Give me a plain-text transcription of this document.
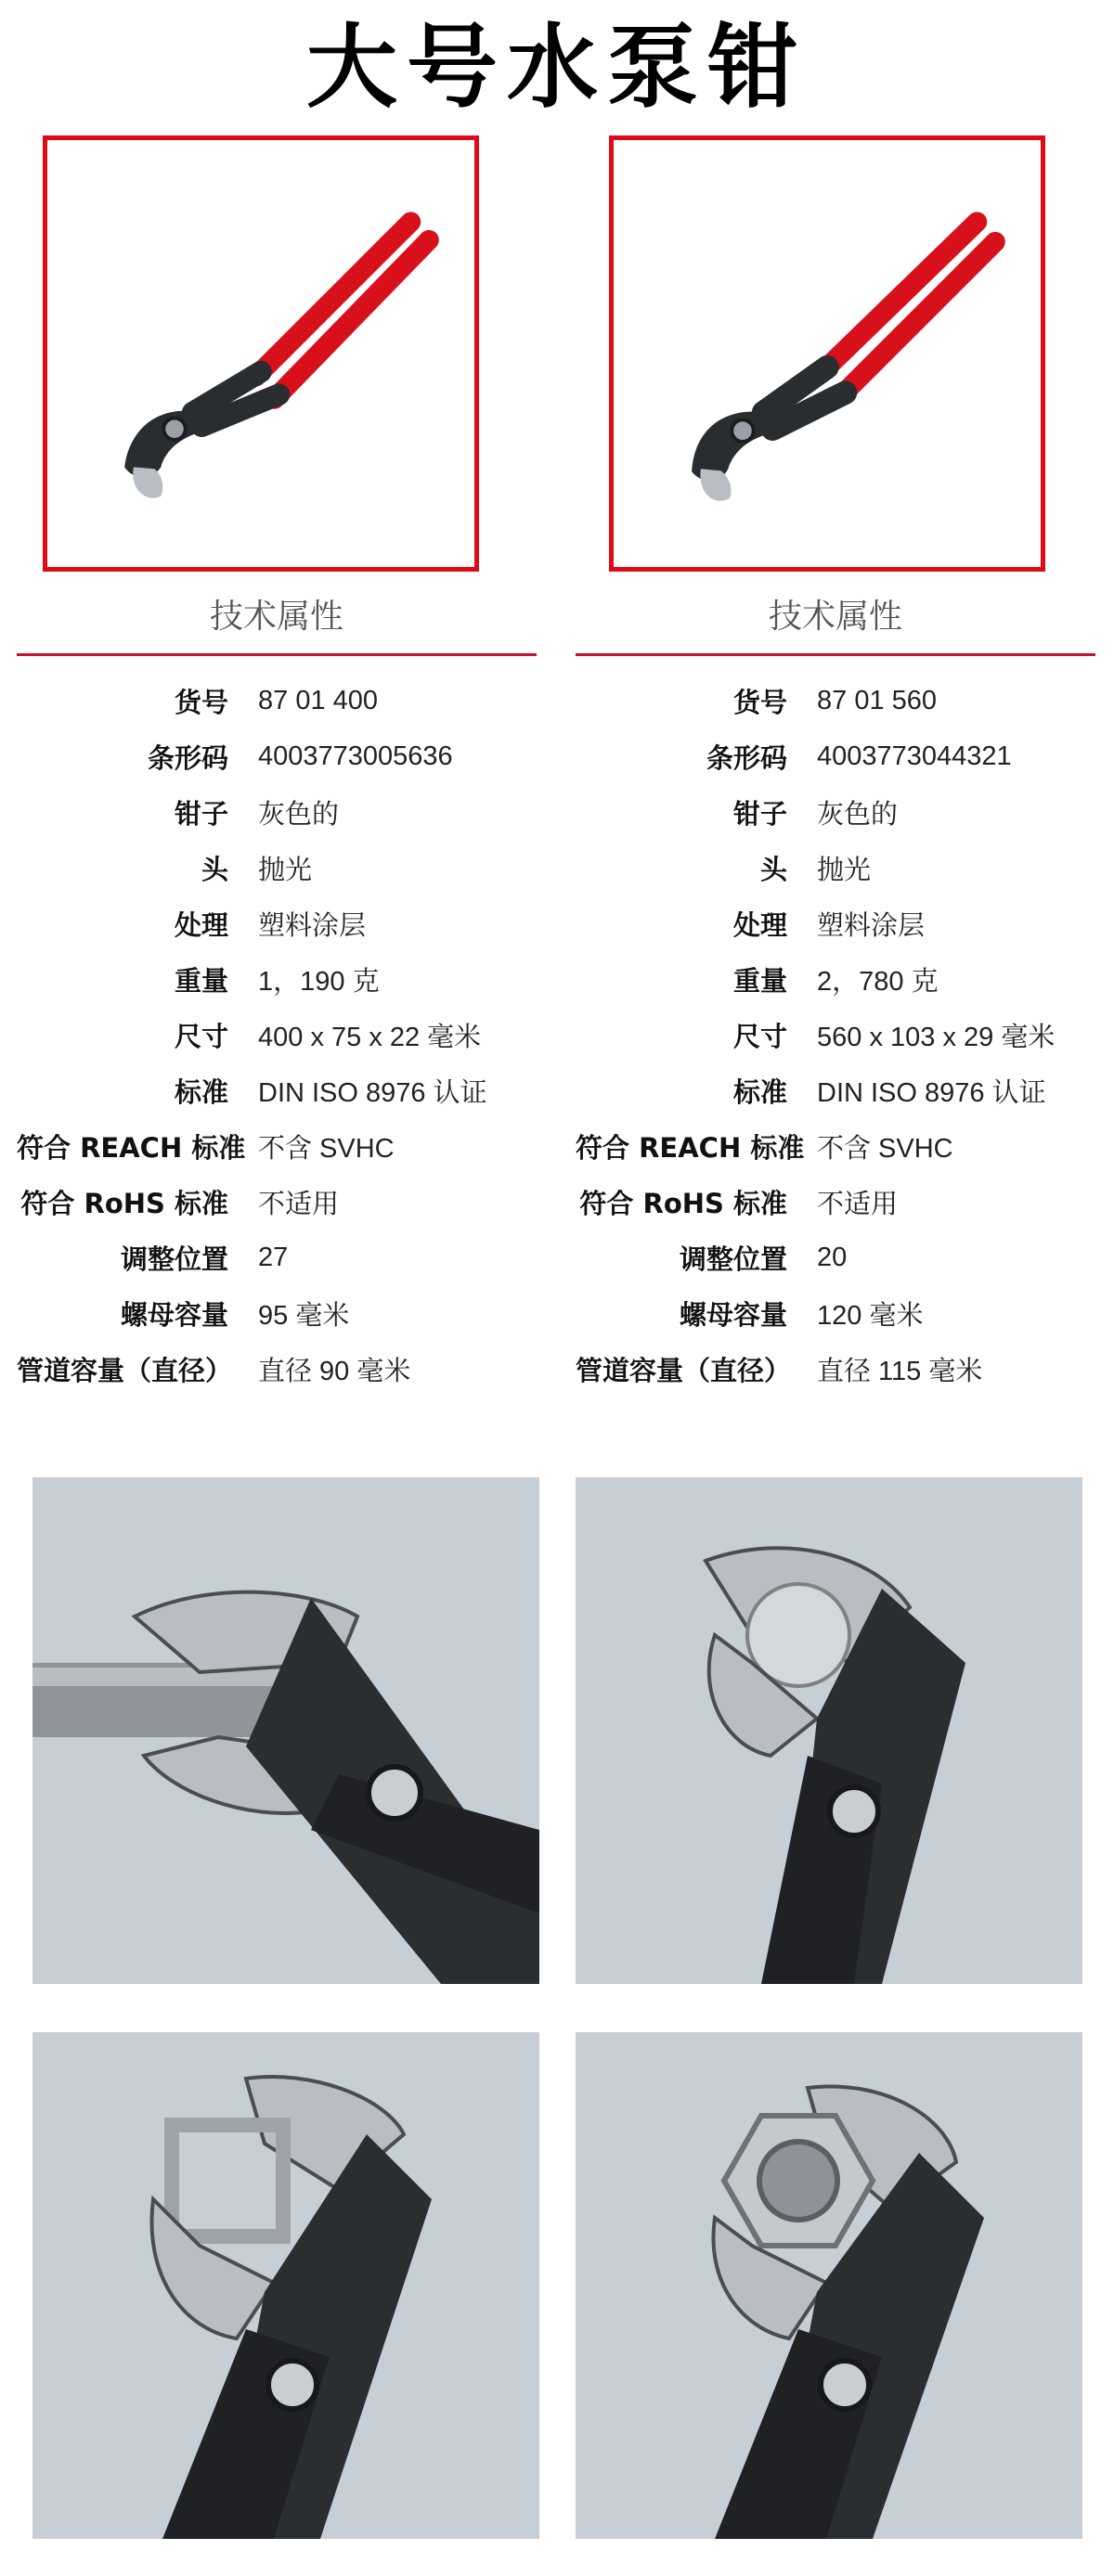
大号水泵钳
技术属性
货号	87 01 400
条形码	4003773005636
钳子	灰色的
头	抛光
处理	塑料涂层
重量	1，190 克
尺寸	400 x 75 x 22 毫米
标准	DIN ISO 8976 认证
符合 REACH 标准 不含 SVHC
符合 RoHS 标准	不适用
调整位置	27
螺母容量	95 毫米
管道容量（直径） 直径 90 毫米
技术属性
货号	87 01 560
条形码	4003773044321
钳子	灰色的
头	抛光
处理	塑料涂层
重量	2，780 克
尺寸	560 x 103 x 29 毫米
标准	DIN ISO 8976 认证
符合 REACH 标准 不含 SVHC
符合 RoHS 标准	不适用
调整位置	20
螺母容量	120 毫米
管道容量（直径） 直径 115 毫米
